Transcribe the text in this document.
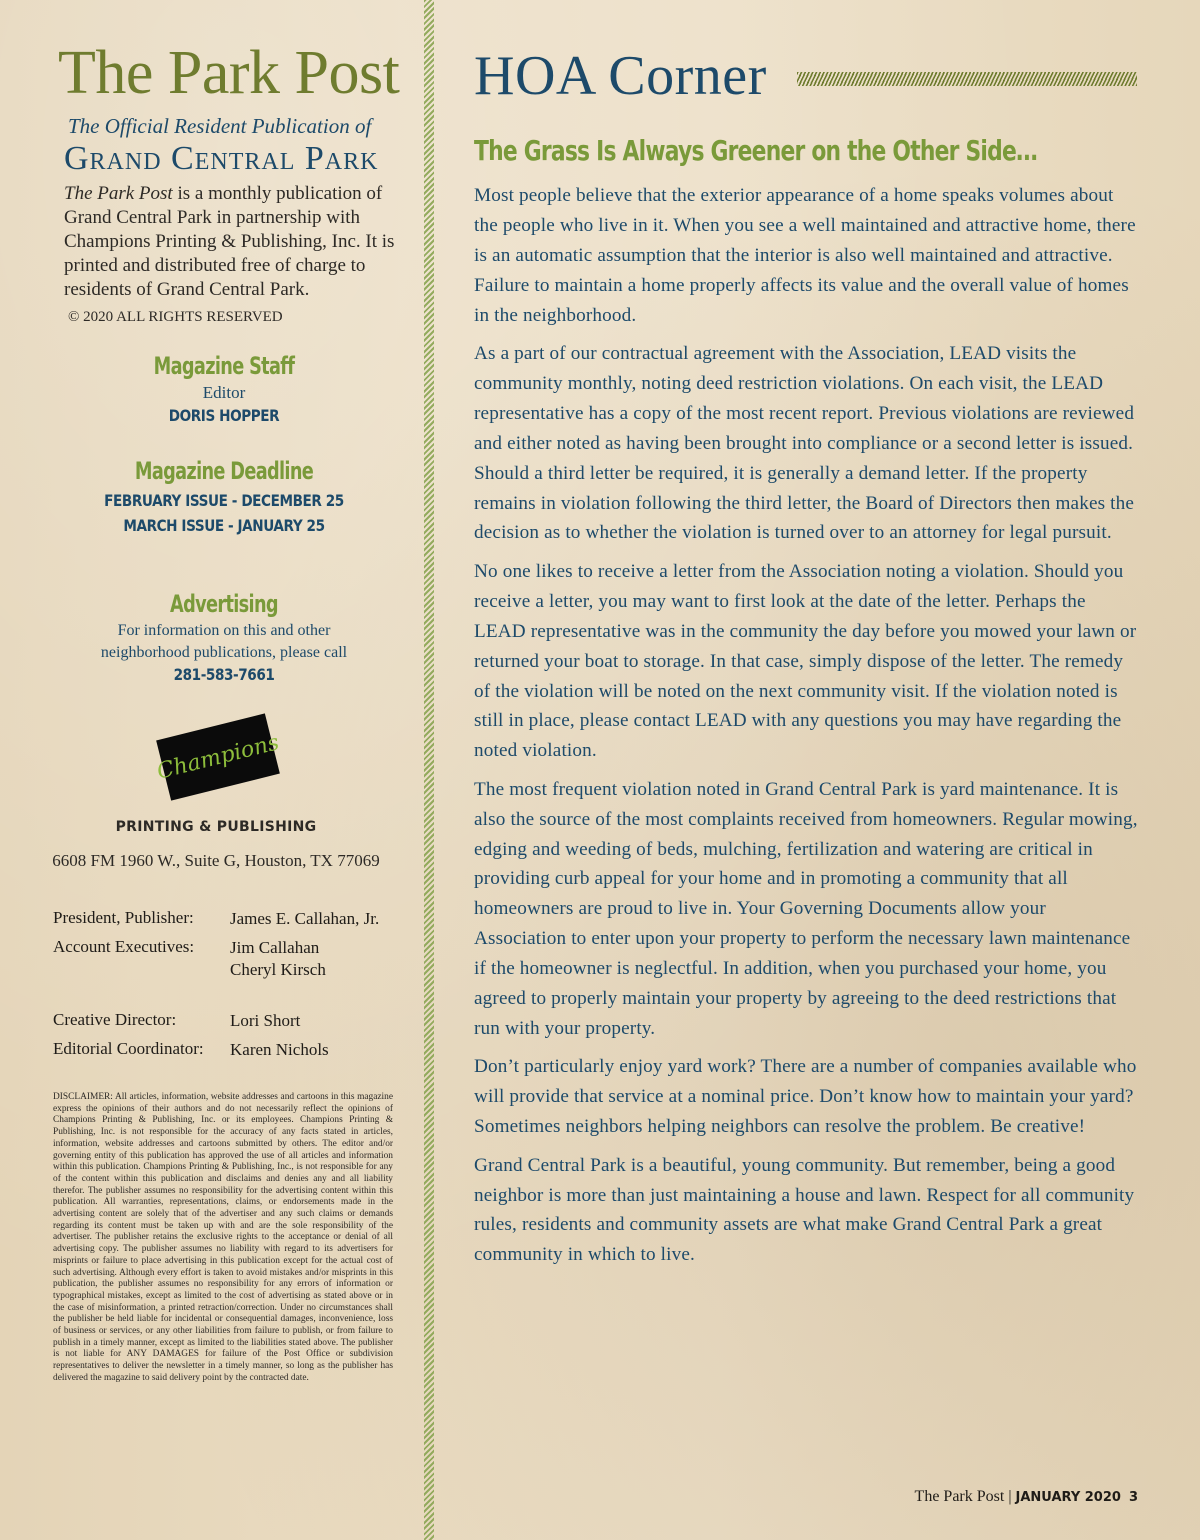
The Park Post
The Official Resident Publication of
Grand Central Park
The Park Post is a monthly publication of Grand Central Park in partnership with Champions Printing & Publishing, Inc. It is printed and distributed free of charge to residents of Grand Central Park.
© 2020 ALL RIGHTS RESERVED
Magazine Staff
Editor
DORIS HOPPER
Magazine Deadline
FEBRUARY ISSUE - DECEMBER 25
MARCH ISSUE - JANUARY 25
Advertising
For information on this and other neighborhood publications, please call
281-583-7661
Champions
PRINTING & PUBLISHING
6608 FM 1960 W., Suite G, Houston, TX 77069
President, Publisher: James E. Callahan, Jr.
Account Executives: Jim Callahan
Cheryl Kirsch
Creative Director:	Lori Short
Editorial Coordinator: Karen Nichols
DISCLAIMER: All articles, information, website addresses and cartoons in this magazine express the opinions of their authors and do not necessarily reflect the opinions of Champions Printing & Publishing, Inc. or its employees. Champions Printing & Publishing, Inc. is not responsible for the accuracy of any facts stated in articles, information, website addresses and cartoons submitted by others. The editor and/or governing entity of this publication has approved the use of all articles and information within this publication. Champions Printing & Publishing, Inc., is not responsible for any of the content within this publication and disclaims and denies any and all liability therefor. The publisher assumes no responsibility for the advertising content within this publication. All warranties, representations, claims, or endorsements made in the advertising content are solely that of the advertiser and any such claims or demands regarding its content must be taken up with and are the sole responsibility of the advertiser. The publisher retains the exclusive rights to the acceptance or denial of all advertising copy. The publisher assumes no liability with regard to its advertisers for misprints or failure to place advertising in this publication except for the actual cost of such advertising. Although every effort is taken to avoid mistakes and/or misprints in this publication, the publisher assumes no responsibility for any errors of information or typographical mistakes, except as limited to the cost of advertising as stated above or in the case of misinformation, a printed retraction/correction. Under no circumstances shall the publisher be held liable for incidental or consequential damages, inconvenience, loss of business or services, or any other liabilities from failure to publish, or from failure to publish in a timely manner, except as limited to the liabilities stated above. The publisher is not liable for ANY DAMAGES for failure of the Post Office or subdivision representatives to deliver the newsletter in a timely manner, so long as the publisher has delivered the magazine to said delivery point by the contracted date.
HOA Corner
The Grass Is Always Greener on the Other Side…

Most people believe that the exterior appearance of a home speaks volumes about the people who live in it. When you see a well maintained and attractive home, there is an automatic assumption that the interior is also well maintained and attractive. Failure to maintain a home properly affects its value and the overall value of homes in the neighborhood.

As a part of our contractual agreement with the Association, LEAD visits the community monthly, noting deed restriction violations. On each visit, the LEAD representative has a copy of the most recent report. Previous violations are reviewed and either noted as having been brought into compliance or a second letter is issued. Should a third letter be required, it is generally a demand letter. If the property remains in violation following the third letter, the Board of Directors then makes the decision as to whether the violation is turned over to an attorney for legal pursuit.

No one likes to receive a letter from the Association noting a violation. Should you receive a letter, you may want to first look at the date of the letter. Perhaps the LEAD representative was in the community the day before you mowed your lawn or returned your boat to storage. In that case, simply dispose of the letter. The remedy of the violation will be noted on the next community visit. If the violation noted is still in place, please contact LEAD with any questions you may have regarding the noted violation.

The most frequent violation noted in Grand Central Park is yard maintenance. It is also the source of the most complaints received from homeowners. Regular mowing, edging and weeding of beds, mulching, fertilization and watering are critical in providing curb appeal for your home and in promoting a community that all homeowners are proud to live in. Your Governing Documents allow your Association to enter upon your property to perform the necessary lawn maintenance if the homeowner is neglectful. In addition, when you purchased your home, you agreed to properly maintain your property by agreeing to the deed restrictions that run with your property.

Don’t particularly enjoy yard work? There are a number of companies available who will provide that service at a nominal price. Don’t know how to maintain your yard? Sometimes neighbors helping neighbors can resolve the problem. Be creative!

Grand Central Park is a beautiful, young community. But remember, being a good neighbor is more than just maintaining a house and lawn. Respect for all community rules, residents and community assets are what make Grand Central Park a great community in which to live.

The Park Post | JANUARY 2020 3
